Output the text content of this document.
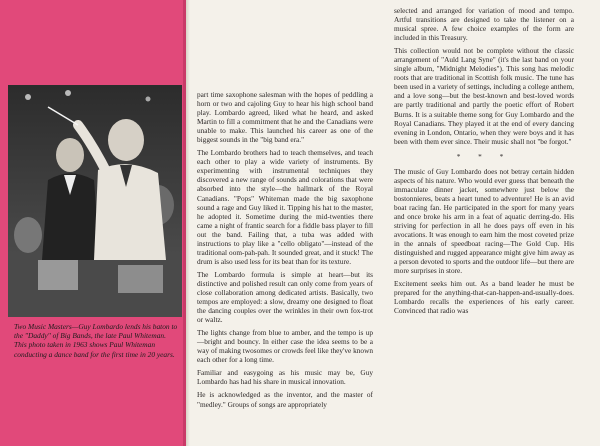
Two Music Masters—Guy Lombardo lends his baton to the "Daddy" of Big Bands, the late Paul Whiteman. This photo taken in 1963 shows Paul Whiteman conducting a dance band for the first time in 20 years.

part time saxophone salesman with the hopes of peddling a horn or two and cajoling Guy to hear his high school band play. Lombardo agreed, liked what he heard, and asked Martin to fill a commitment that he and the Canadians were unable to make. This launched his career as one of the biggest sounds in the "big band era."

The Lombardo brothers had to teach themselves, and teach each other to play a wide variety of instruments. By experimenting with instrumental techniques they discovered a new range of sounds and colorations that were absorbed into the style—the hallmark of the Royal Canadians. "Pops" Whiteman made the big saxophone sound a rage and Guy liked it. Tipping his hat to the master, he adopted it. Sometime during the mid-twenties there came a night of frantic search for a fiddle bass player to fill out the band. Failing that, a tuba was added with instructions to play like a "cello obligato"—instead of the traditional oom-pah-pah. It sounded great, and it stuck! The drum is also used less for its beat than for its texture.

The Lombardo formula is simple at heart—but its distinctive and polished result can only come from years of close collaboration among dedicated artists. Basically, two tempos are employed: a slow, dreamy one designed to float the dancing couples over the wrinkles in their own fox-trot or waltz.

The lights change from blue to amber, and the tempo is up—bright and bouncy. In either case the idea seems to be a way of making twosomes or crowds feel like they've known each other for a long time.

Familiar and easygoing as his music may be, Guy Lombardo has had his share in musical innovation.

He is acknowledged as the inventor, and the master of "medley." Groups of songs are appropriately

selected and arranged for variation of mood and tempo. Artful transitions are designed to take the listener on a musical spree. A few choice examples of the form are included in this Treasury.

This collection would not be complete without the classic arrangement of "Auld Lang Syne" (it's the last band on your single album, "Midnight Melodies"). This song has melodic roots that are traditional in Scottish folk music. The tune has been used in a variety of settings, including a college anthem, and a love song—but the best-known and best-loved words are partly traditional and partly the poetic effort of Robert Burns. It is a suitable theme song for Guy Lombardo and the Royal Canadians. They played it at the end of every dancing evening in London, Ontario, when they were boys and it has been with them ever since. Their music shall not "be forgot."

* * *

The music of Guy Lombardo does not betray certain hidden aspects of his nature. Who would ever guess that beneath the immaculate dinner jacket, somewhere just below the bostonnieres, beats a heart tuned to adventure! He is an avid boat racing fan. He participated in the sport for many years and once broke his arm in a feat of aquatic derring-do. His striving for perfection in all he does pays off even in his avocations. It was enough to earn him the most coveted prize in the annals of speedboat racing—The Gold Cup. His distinguished and rugged appearance might give him away as a person devoted to sports and the outdoor life—but there are more surprises in store.

Excitement seeks him out. As a band leader he must be prepared for the anything-that-can-happen-and-usually-does. Lombardo recalls the experiences of his early career. Convinced that radio was
